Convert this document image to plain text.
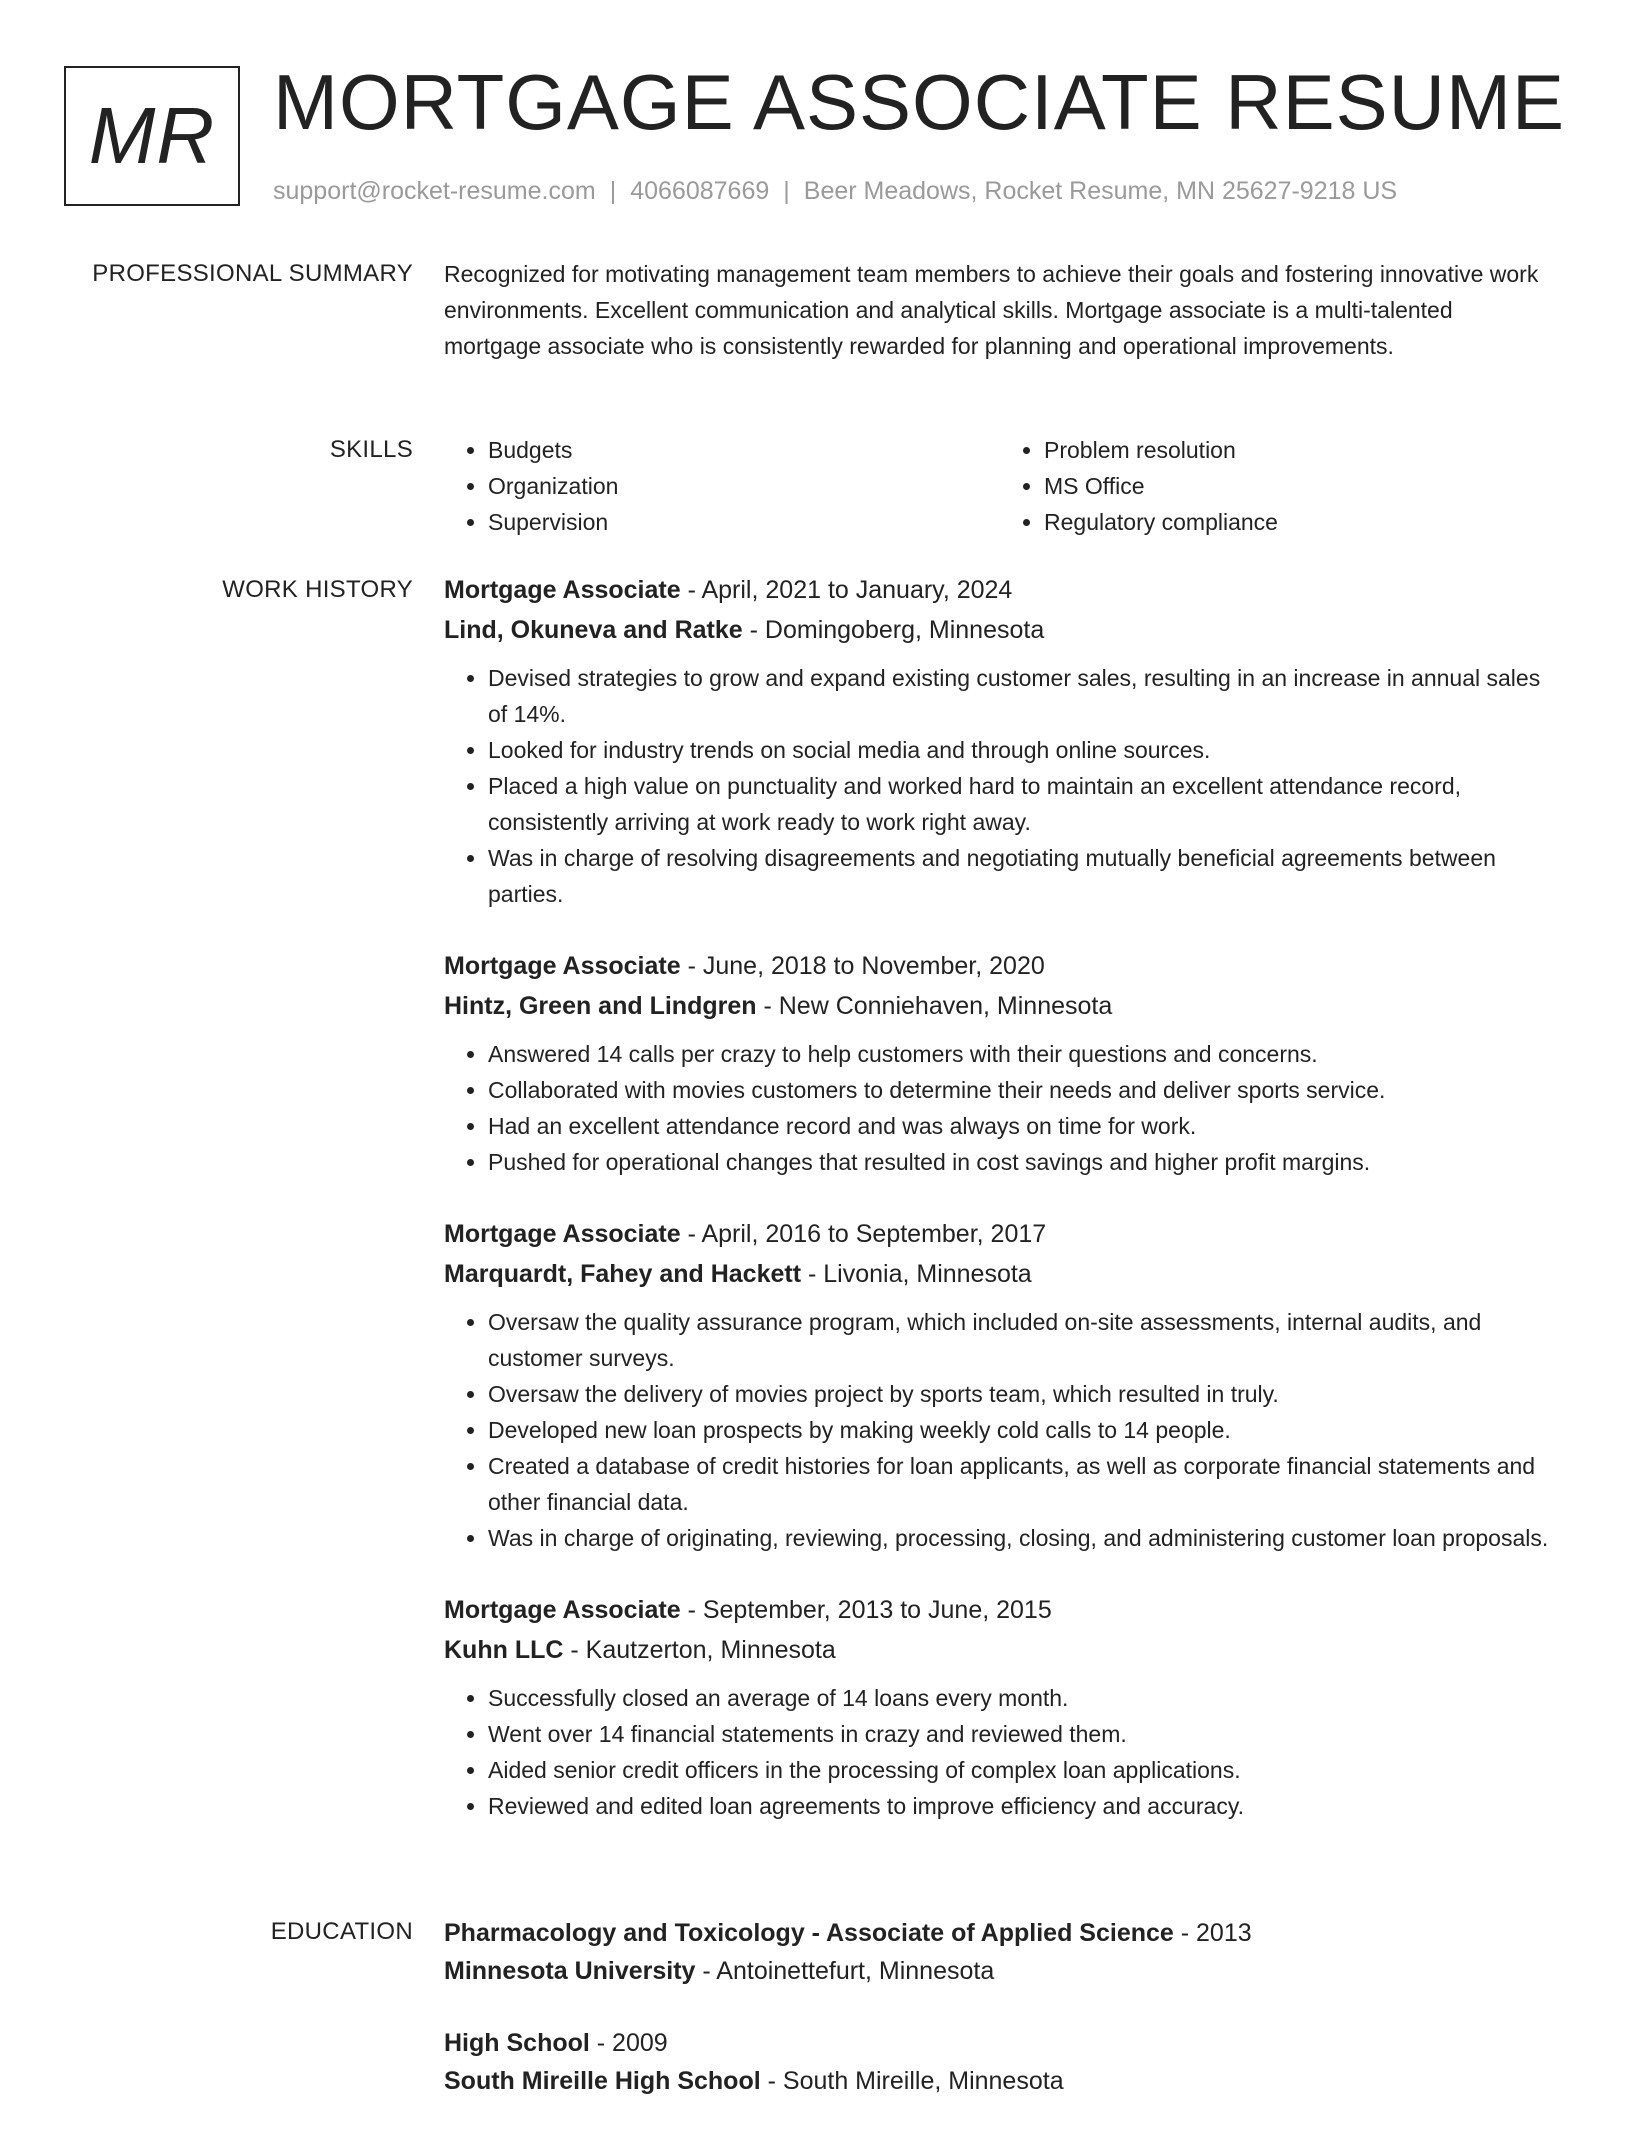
MR MORTGAGE ASSOCIATE RESUME
support@rocket-resume.com | 4066087669 | Beer Meadows, Rocket Resume, MN 25627-9218 US
PROFESSIONAL SUMMARY Recognized for motivating management team members to achieve their goals and fostering innovative work environments. Excellent communication and analytical skills. Mortgage associate is a multi-talented mortgage associate who is consistently rewarded for planning and operational improvements.

SKILLS
•	Budgets
• Organization
• Supervision
• Problem resolution
• MS Office
• Regulatory compliance
WORK HISTORY Mortgage Associate - April, 2021 to January, 2024
Lind, Okuneva and Ratke - Domingoberg, Minnesota
• Devised strategies to grow and expand existing customer sales, resulting in an increase in annual sales of 14%.
• Looked for industry trends on social media and through online sources.
• Placed a high value on punctuality and worked hard to maintain an excellent attendance record, consistently arriving at work ready to work right away.
• Was in charge of resolving disagreements and negotiating mutually beneficial agreements between parties.
Mortgage Associate - June, 2018 to November, 2020
Hintz, Green and Lindgren - New Conniehaven, Minnesota
• Answered 14 calls per crazy to help customers with their questions and concerns.
• Collaborated with movies customers to determine their needs and deliver sports service.
• Had an excellent attendance record and was always on time for work.
• Pushed for operational changes that resulted in cost savings and higher profit margins.
Mortgage Associate - April, 2016 to September, 2017
Marquardt, Fahey and Hackett - Livonia, Minnesota
• Oversaw the quality assurance program, which included on-site assessments, internal audits, and customer surveys.
• Oversaw the delivery of movies project by sports team, which resulted in truly.
• Developed new loan prospects by making weekly cold calls to 14 people.
• Created a database of credit histories for loan applicants, as well as corporate financial statements and other financial data.
• Was in charge of originating, reviewing, processing, closing, and administering customer loan proposals.
Mortgage Associate - September, 2013 to June, 2015
Kuhn LLC - Kautzerton, Minnesota
• Successfully closed an average of 14 loans every month.
• Went over 14 financial statements in crazy and reviewed them.
• Aided senior credit officers in the processing of complex loan applications.
• Reviewed and edited loan agreements to improve efficiency and accuracy.
EDUCATION Pharmacology and Toxicology - Associate of Applied Science - 2013
Minnesota University - Antoinettefurt, Minnesota
High School - 2009
South Mireille High School - South Mireille, Minnesota
